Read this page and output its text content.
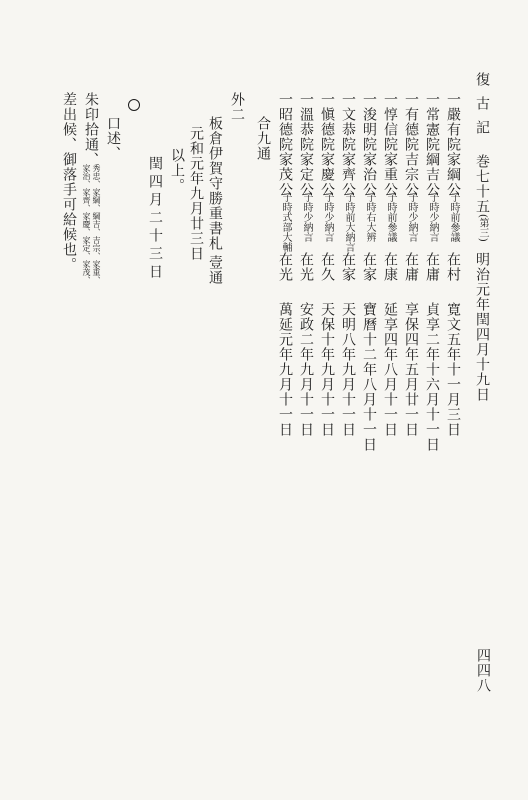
復古記
巻七十五(第三)
明治元年閏四月十九日
四四八
一嚴有院家綱公
子時前參議
在村
寛文五年十一月三日
一常憲院綱吉公
子時少納言
在庸
貞享二年十六月十一日
一有德院吉宗公
子時少納言
在庸
享保四年五月廿一日
一惇信院家重公
子時前參議
在康
延享四年八月十一日
一浚明院家治公
子時右大辨
在家
寶曆十二年八月十一日
一文恭院家齊公
子時前大納言
在家
天明八年九月十一日
一愼德院家慶公
子時少納言
在久
天保十年九月十一日
一溫恭院家定公
子時少納言
在光
安政二年九月十一日
一昭德院家茂公
子時式部大輔
在光
萬延元年九月十一日
合九通
外二
板倉伊賀守勝重書札
壹通
元和元年九月廿三日
以上。
閏四月二十三日
口述、
朱印拾通、
秀忠、家綱、綱吉、吉宗、家重、
家治、家齊、家慶、家定、家茂、
差出候、御落手可給候也。
